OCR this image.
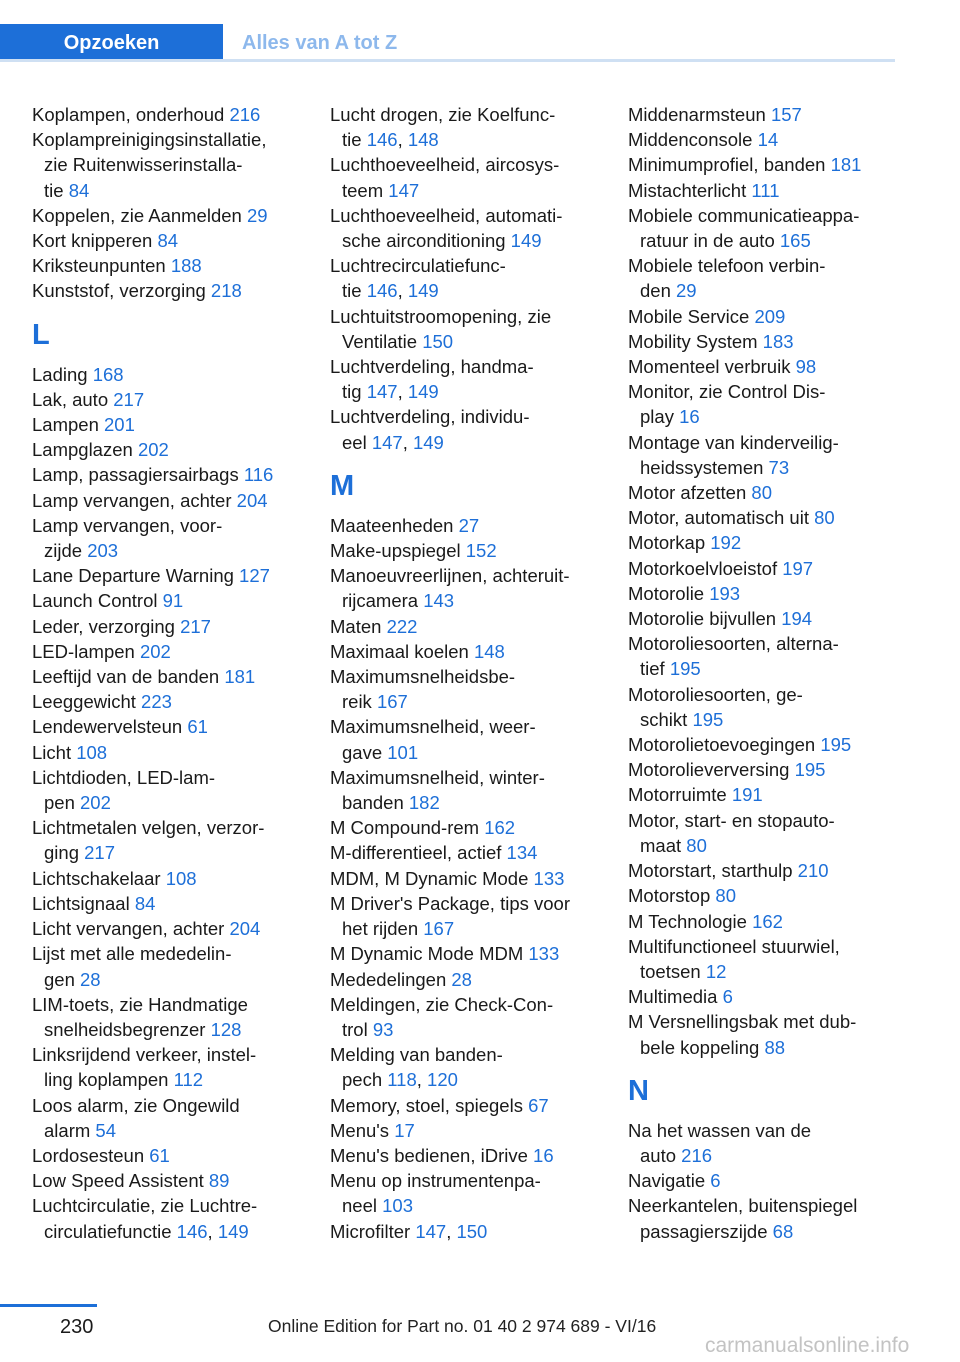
Opzoeken	Alles van A tot Z
Koplampen, onderhoud 216
Koplampreinigingsinstallatie,
zie Ruitenwisserinstalla-
tie 84
Koppelen, zie Aanmelden 29
Kort knipperen 84
Kriksteunpunten 188
Kunststof, verzorging 218
L
Lading 168
Lak, auto 217
Lampen 201
Lampglazen 202
Lamp, passagiersairbags 116
Lamp vervangen, achter 204
Lamp vervangen, voor-
zijde 203
Lane Departure Warning 127
Launch Control 91
Leder, verzorging 217
LED-lampen 202
Leeftijd van de banden 181
Leeggewicht 223
Lendewervelsteun 61
Licht 108
Lichtdioden, LED-lam-
pen 202
Lichtmetalen velgen, verzor-
ging 217
Lichtschakelaar 108
Lichtsignaal 84
Licht vervangen, achter 204
Lijst met alle mededelin-
gen 28
LIM-toets, zie Handmatige
snelheidsbegrenzer 128
Linksrijdend verkeer, instel-
ling koplampen 112
Loos alarm, zie Ongewild
alarm 54
Lordosesteun 61
Low Speed Assistent 89
Luchtcirculatie, zie Luchtre-
circulatiefunctie 146, 149
Lucht drogen, zie Koelfunc-
tie 146, 148
Luchthoeveelheid, aircosys-
teem 147
Luchthoeveelheid, automati-
sche airconditioning 149
Luchtrecirculatiefunc-
tie 146, 149
Luchtuitstroomopening, zie
Ventilatie 150
Luchtverdeling, handma-
tig 147, 149
Luchtverdeling, individu-
eel 147, 149
M
Maateenheden 27
Make-upspiegel 152
Manoeuvreerlijnen, achteruit-
rijcamera 143
Maten 222
Maximaal koelen 148
Maximumsnelheidsbe-
reik 167
Maximumsnelheid, weer-
gave 101
Maximumsnelheid, winter-
banden 182
M Compound-rem 162
M-differentieel, actief 134
MDM, M Dynamic Mode 133
M Driver's Package, tips voor
het rijden 167
M Dynamic Mode MDM 133
Mededelingen 28
Meldingen, zie Check-Con-
trol 93
Melding van banden-
pech 118, 120
Memory, stoel, spiegels 67
Menu's 17
Menu's bedienen, iDrive 16
Menu op instrumentenpa-
neel 103
Microfilter 147, 150
Middenarmsteun 157
Middenconsole 14
Minimumprofiel, banden 181
Mistachterlicht 111
Mobiele communicatieappa-
ratuur in de auto 165
Mobiele telefoon verbin-
den 29
Mobile Service 209
Mobility System 183
Momenteel verbruik 98
Monitor, zie Control Dis-
play 16
Montage van kinderveilig-
heidssystemen 73
Motor afzetten 80
Motor, automatisch uit 80
Motorkap 192
Motorkoelvloeistof 197
Motorolie 193
Motorolie bijvullen 194
Motoroliesoorten, alterna-
tief 195
Motoroliesoorten, ge-
schikt 195
Motorolietoevoegingen 195
Motorolieverversing 195
Motorruimte 191
Motor, start- en stopauto-
maat 80
Motorstart, starthulp 210
Motorstop 80
M Technologie 162
Multifunctioneel stuurwiel,
toetsen 12
Multimedia 6
M Versnellingsbak met dub-
bele koppeling 88
N
Na het wassen van de
auto 216
Navigatie 6
Neerkantelen, buitenspiegel
passagierszijde 68
230	Online Edition for Part no. 01 40 2 974 689 - VI/16
carmanualsonline.info
